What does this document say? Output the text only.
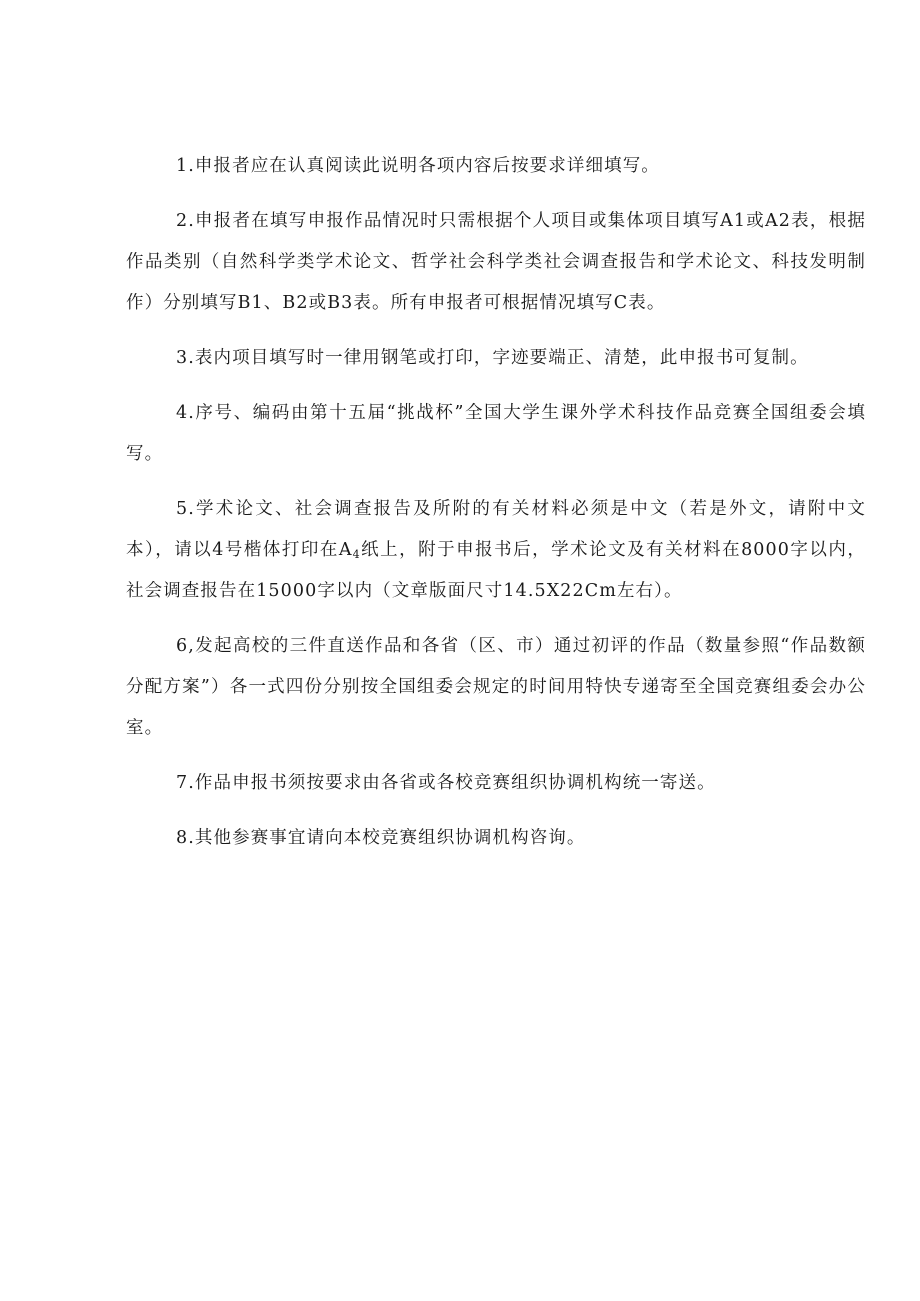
1.申报者应在认真阅读此说明各项内容后按要求详细填写。
2.申报者在填写申报作品情况时只需根据个人项目或集体项目填写A1或A2表，根据作品类别（自然科学类学术论文、哲学社会科学类社会调查报告和学术论文、科技发明制作）分别填写B1、B2或B3表。所有申报者可根据情况填写C表。
3.表内项目填写时一律用钢笔或打印，字迹要端正、清楚，此申报书可复制。
4.序号、编码由第十五届“挑战杯”全国大学生课外学术科技作品竞赛全国组委会填写。
5.学术论文、社会调查报告及所附的有关材料必须是中文（若是外文，请附中文本），请以4号楷体打印在$A_4$纸上，附于申报书后，学术论文及有关材料在8000字以内，社会调查报告在15000字以内（文章版面尺寸14.5X22Cm左右）。
6,发起高校的三件直送作品和各省（区、市）通过初评的作品（数量参照“作品数额分配方案”）各一式四份分别按全国组委会规定的时间用特快专递寄至全国竞赛组委会办公室。
7.作品申报书须按要求由各省或各校竞赛组织协调机构统一寄送。
8.其他参赛事宜请向本校竞赛组织协调机构咨询。
